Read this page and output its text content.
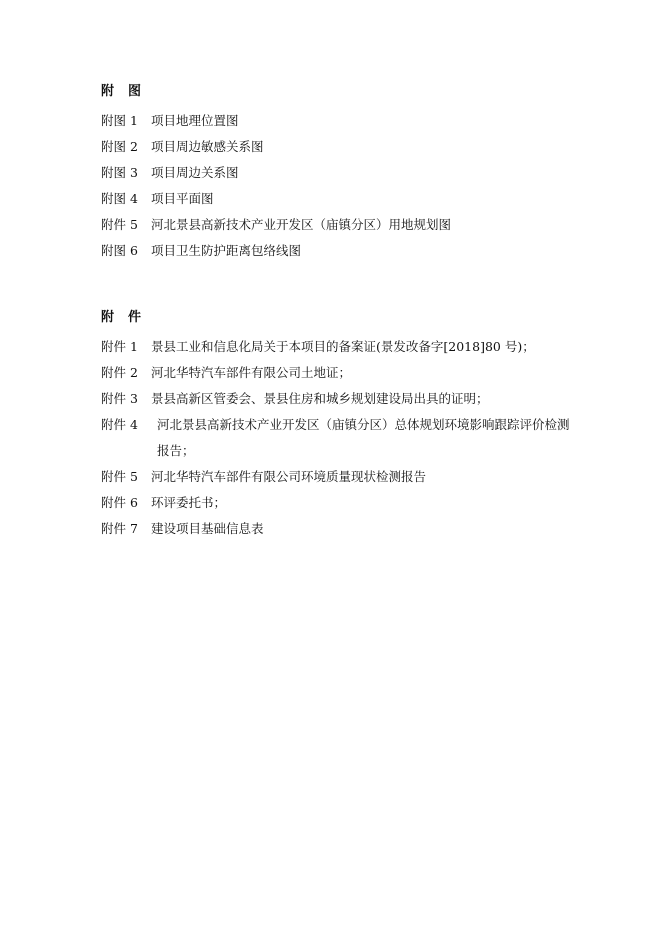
附 图
附图 1	项目地理位置图
附图 2	项目周边敏感关系图
附图 3	项目周边关系图
附图 4	项目平面图
附件 5	河北景县高新技术产业开发区（庙镇分区）用地规划图
附图 6	项目卫生防护距离包络线图
附 件
附件 1	景县工业和信息化局关于本项目的备案证(景发改备字[2018]80 号)；
附件 2	河北华特汽车部件有限公司土地证；
附件 3	景县高新区管委会、景县住房和城乡规划建设局出具的证明；
附件 4	河北景县高新技术产业开发区（庙镇分区）总体规划环境影响跟踪评价检测报告；
附件 5	河北华特汽车部件有限公司环境质量现状检测报告
附件 6	环评委托书；
附件 7	建设项目基础信息表
